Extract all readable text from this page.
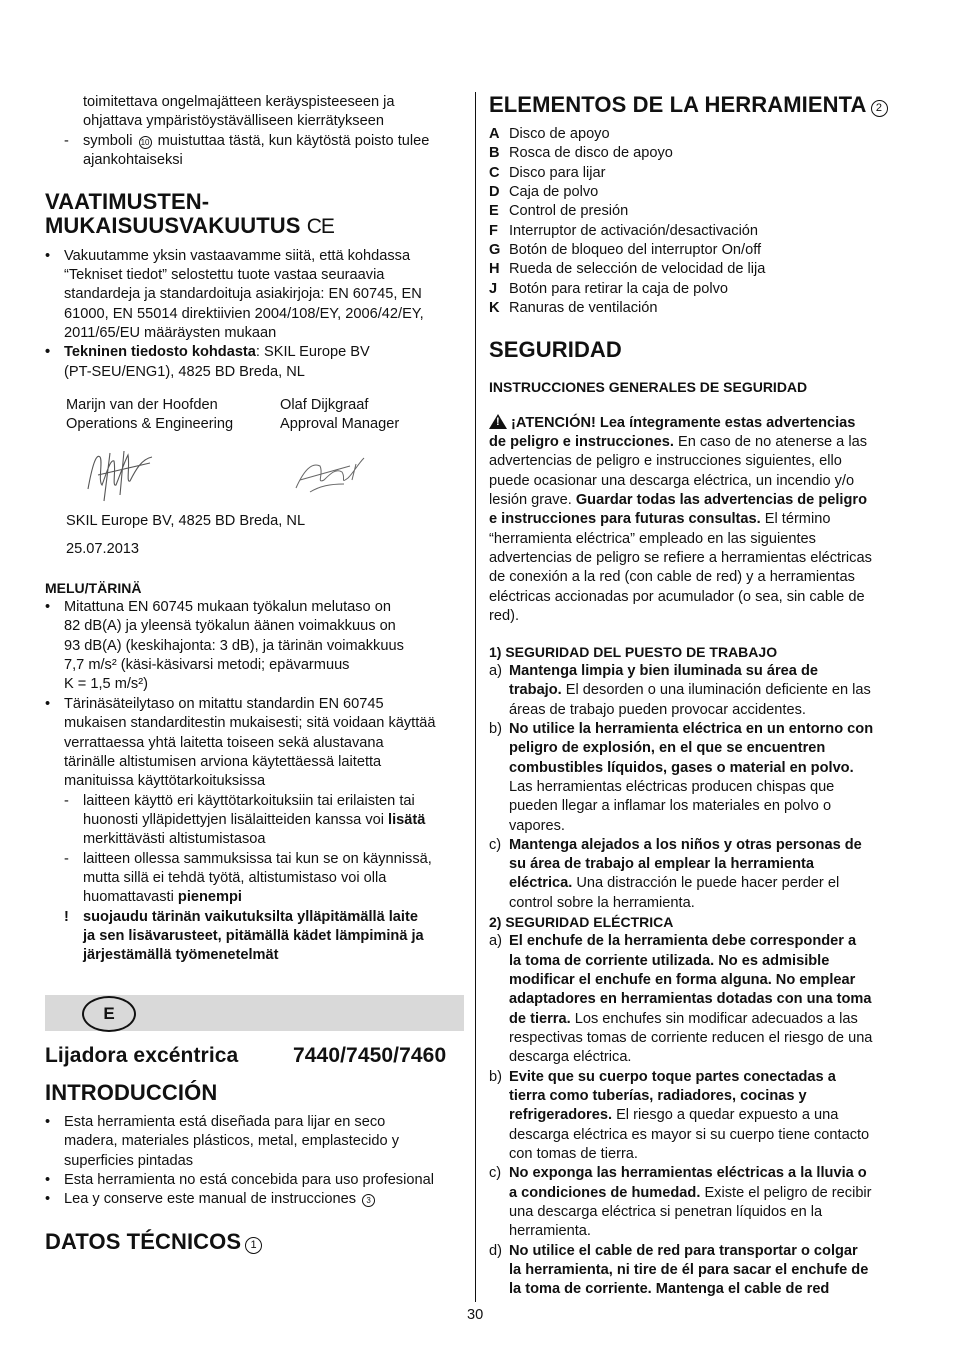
toimitettava ongelmajätteen keräyspisteeseen ja
ohjattava ympäristöystävälliseen kierrätykseen
- symboli 10 muistuttaa tästä, kun käytöstä poisto tulee
ajankohtaiseksi
VAATIMUSTEN-
MUKAISUUSVAKUUTUS CE
• Vakuutamme yksin vastaavamme siitä, että kohdassa
“Tekniset tiedot” selostettu tuote vastaa seuraavia
standardeja ja standardoituja asiakirjoja: EN 60745, EN
61000, EN 55014 direktiivien 2004/108/EY, 2006/42/EY,
2011/65/EU määräysten mukaan
• Tekninen tiedosto kohdasta: SKIL Europe BV
(PT-SEU/ENG1), 4825 BD Breda, NL
Marijn van der Hoofden
Operations & Engineering
Olaf Dijkgraaf
Approval Manager
SKIL Europe BV, 4825 BD Breda, NL
25.07.2013
MELU/TÄRINÄ
• Mitattuna EN 60745 mukaan työkalun melutaso on
82 dB(A) ja yleensä työkalun äänen voimakkuus on
93 dB(A) (keskihajonta: 3 dB), ja tärinän voimakkuus
7,7 m/s² (käsi-käsivarsi metodi; epävarmuus
K = 1,5 m/s²)
• Tärinäsäteilytaso on mitattu standardin EN 60745
mukaisen standarditestin mukaisesti; sitä voidaan käyttää
verrattaessa yhtä laitetta toiseen sekä alustavana
tärinälle altistumisen arviona käytettäessä laitetta
manituissa käyttötarkoituksissa
- laitteen käyttö eri käyttötarkoituksiin tai erilaisten tai
huonosti ylläpidettyjen lisälaitteiden kanssa voi lisätä
merkittävästi altistumistasoa
- laitteen ollessa sammuksissa tai kun se on käynnissä,
mutta sillä ei tehdä työtä, altistumistaso voi olla
huomattavasti pienempi
! suojaudu tärinän vaikutuksilta ylläpitämällä laite
ja sen lisävarusteet, pitämällä kädet lämpiminä ja
järjestämällä työmenetelmät
E
Lijadora excéntrica	7440/7450/7460
INTRODUCCIÓN
• Esta herramienta está diseñada para lijar en seco
madera, materiales plásticos, metal, emplastecido y
superficies pintadas
• Esta herramienta no está concebida para uso profesional
• Lea y conserve este manual de instrucciones 3
DATOS TÉCNICOS 1
ELEMENTOS DE LA HERRAMIENTA 2
A Disco de apoyo
B Rosca de disco de apoyo
C Disco para lijar
D Caja de polvo
E Control de presión
F Interruptor de activación/desactivación
G Botón de bloqueo del interruptor On/off
H Rueda de selección de velocidad de lija
J Botón para retirar la caja de polvo
K Ranuras de ventilación
SEGURIDAD
INSTRUCCIONES GENERALES DE SEGURIDAD
!¡ATENCIÓN! Lea íntegramente estas advertencias
de peligro e instrucciones. En caso de no atenerse a las
advertencias de peligro e instrucciones siguientes, ello
puede ocasionar una descarga eléctrica, un incendio y/o
lesión grave. Guardar todas las advertencias de peligro
e instrucciones para futuras consultas. El término
“herramienta eléctrica” empleado en las siguientes
advertencias de peligro se refiere a herramientas eléctricas
de conexión a la red (con cable de red) y a herramientas
eléctricas accionadas por acumulador (o sea, sin cable de
red).
1) SEGURIDAD DEL PUESTO DE TRABAJO
a) Mantenga limpia y bien iluminada su área de
trabajo. El desorden o una iluminación deficiente en las
áreas de trabajo pueden provocar accidentes.
b) No utilice la herramienta eléctrica en un entorno con
peligro de explosión, en el que se encuentren
combustibles líquidos, gases o material en polvo.
Las herramientas eléctricas producen chispas que
pueden llegar a inflamar los materiales en polvo o
vapores.
c) Mantenga alejados a los niños y otras personas de
su área de trabajo al emplear la herramienta
eléctrica. Una distracción le puede hacer perder el
control sobre la herramienta.
2) SEGURIDAD ELÉCTRICA
a) El enchufe de la herramienta debe corresponder a
la toma de corriente utilizada. No es admisible
modificar el enchufe en forma alguna. No emplear
adaptadores en herramientas dotadas con una toma
de tierra. Los enchufes sin modificar adecuados a las
respectivas tomas de corriente reducen el riesgo de una
descarga eléctrica.
b) Evite que su cuerpo toque partes conectadas a
tierra como tuberías, radiadores, cocinas y
refrigeradores. El riesgo a quedar expuesto a una
descarga eléctrica es mayor si su cuerpo tiene contacto
con tomas de tierra.
c) No exponga las herramientas eléctricas a la lluvia o
a condiciones de humedad. Existe el peligro de recibir
una descarga eléctrica si penetran líquidos en la
herramienta.
d) No utilice el cable de red para transportar o colgar
la herramienta, ni tire de él para sacar el enchufe de
la toma de corriente. Mantenga el cable de red
30
